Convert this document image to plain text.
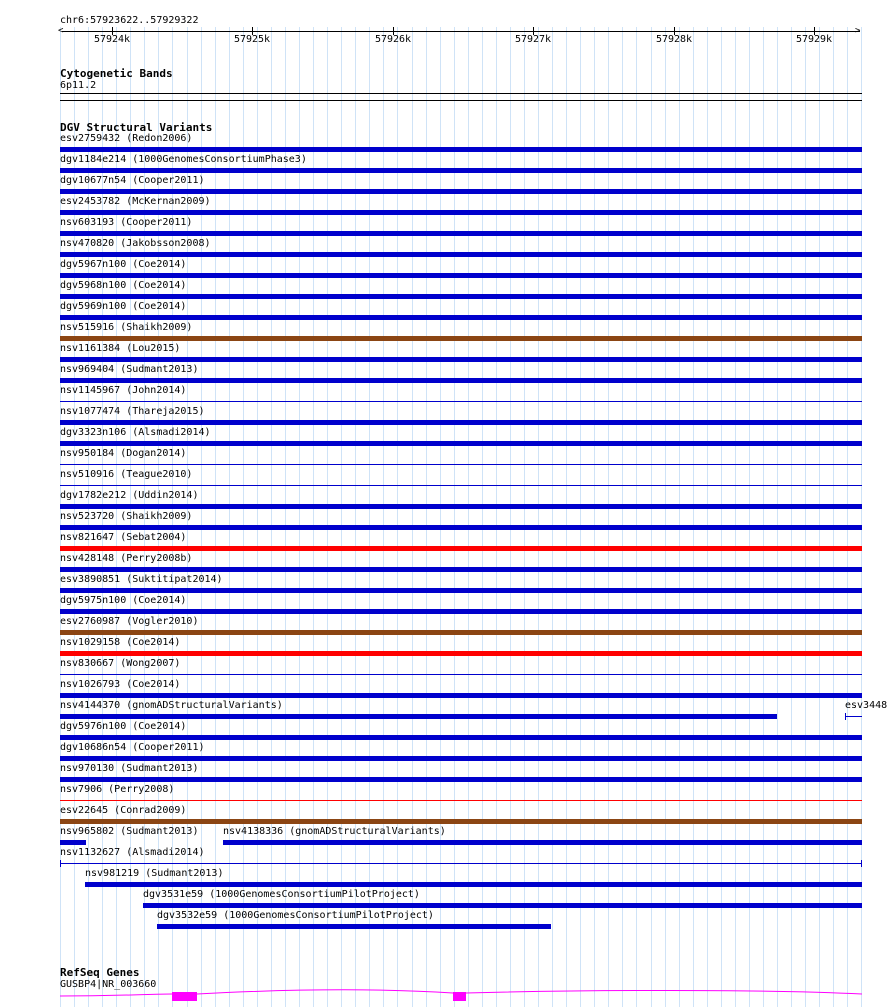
chr6:57923622..57929322
<	>
57924k	57925k	57926k	57927k	57928k	57929k
Cytogenetic Bands
6p11.2
DGV Structural Variants
esv2759432 (Redon2006)
dgv1184e214 (1000GenomesConsortiumPhase3)
dgv10677n54 (Cooper2011)
esv2453782 (McKernan2009)
nsv603193 (Cooper2011)
nsv470820 (Jakobsson2008)
dgv5967n100 (Coe2014)
dgv5968n100 (Coe2014)
dgv5969n100 (Coe2014)
nsv515916 (Shaikh2009)
nsv1161384 (Lou2015)
nsv969404 (Sudmant2013)
nsv1145967 (John2014)
nsv1077474 (Thareja2015)
dgv3323n106 (Alsmadi2014)
nsv950184 (Dogan2014)
nsv510916 (Teague2010)
dgv1782e212 (Uddin2014)
nsv523720 (Shaikh2009)
nsv821647 (Sebat2004)
nsv428148 (Perry2008b)
esv3890851 (Suktitipat2014)
dgv5975n100 (Coe2014)
esv2760987 (Vogler2010)
nsv1029158 (Coe2014)
nsv830667 (Wong2007)
nsv1026793 (Coe2014)
nsv4144370 (gnomADStructuralVariants)
dgv5976n100 (Coe2014)
dgv10686n54 (Cooper2011)
nsv970130 (Sudmant2013)
nsv7906 (Perry2008)
esv22645 (Conrad2009)
nsv965802 (Sudmant2013)
nsv1132627 (Alsmadi2014)
esv3448
nsv4138336 (gnomADStructuralVariants)
nsv981219 (Sudmant2013)
dgv3531e59 (1000GenomesConsortiumPilotProject)
dgv3532e59 (1000GenomesConsortiumPilotProject)
RefSeq Genes
GUSBP4|NR_003660
